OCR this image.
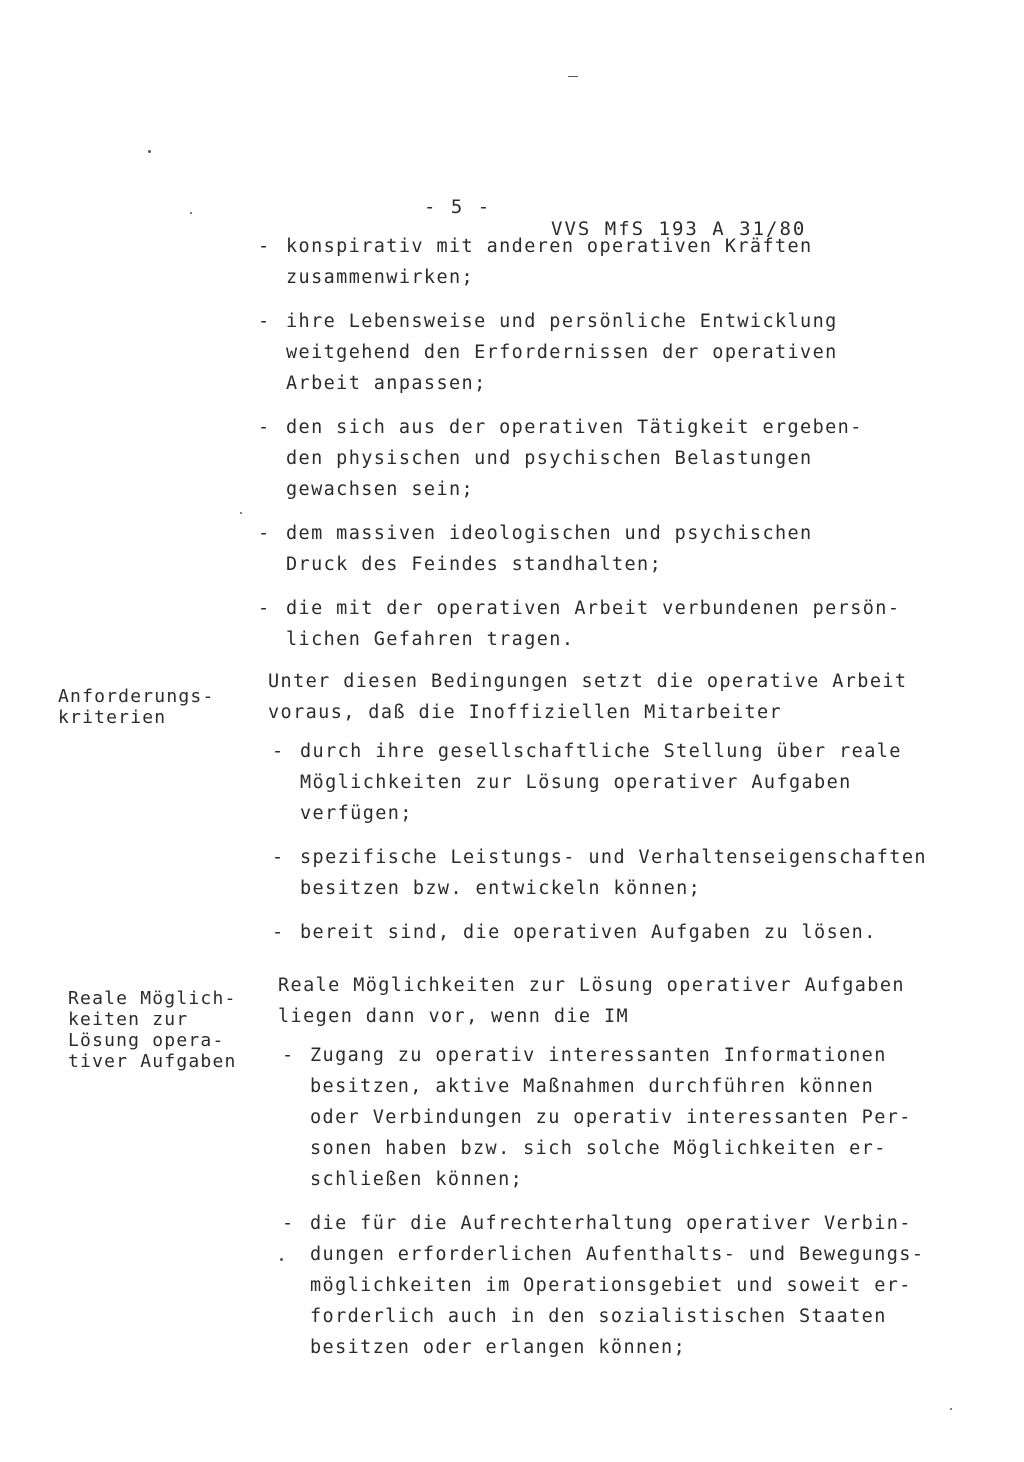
- 5 -

VVS MfS 193 A 31/80

- konspirativ mit anderen operativen Kräften
zusammenwirken;
- ihre Lebensweise und persönliche Entwicklung
weitgehend den Erfordernissen der operativen
Arbeit anpassen;
- den sich aus der operativen Tätigkeit ergeben-
den physischen und psychischen Belastungen
gewachsen sein;
- dem massiven ideologischen und psychischen
Druck des Feindes standhalten;
- die mit der operativen Arbeit verbundenen persön-
lichen Gefahren tragen.
Anforderungs-
kriterien
Unter diesen Bedingungen setzt die operative Arbeit
voraus, daß die Inoffiziellen Mitarbeiter
- durch ihre gesellschaftliche Stellung über reale
Möglichkeiten zur Lösung operativer Aufgaben
verfügen;
- spezifische Leistungs- und Verhaltenseigenschaften
besitzen bzw. entwickeln können;
- bereit sind, die operativen Aufgaben zu lösen.
Reale Möglich-
keiten zur
Lösung opera-
tiver Aufgaben
Reale Möglichkeiten zur Lösung operativer Aufgaben
liegen dann vor, wenn die IM
- Zugang zu operativ interessanten Informationen
besitzen, aktive Maßnahmen durchführen können
oder Verbindungen zu operativ interessanten Per-
sonen haben bzw. sich solche Möglichkeiten er-
schließen können;
- die für die Aufrechterhaltung operativer Verbin-
dungen erforderlichen Aufenthalts- und Bewegungs-
möglichkeiten im Operationsgebiet und soweit er-
forderlich auch in den sozialistischen Staaten
besitzen oder erlangen können;
